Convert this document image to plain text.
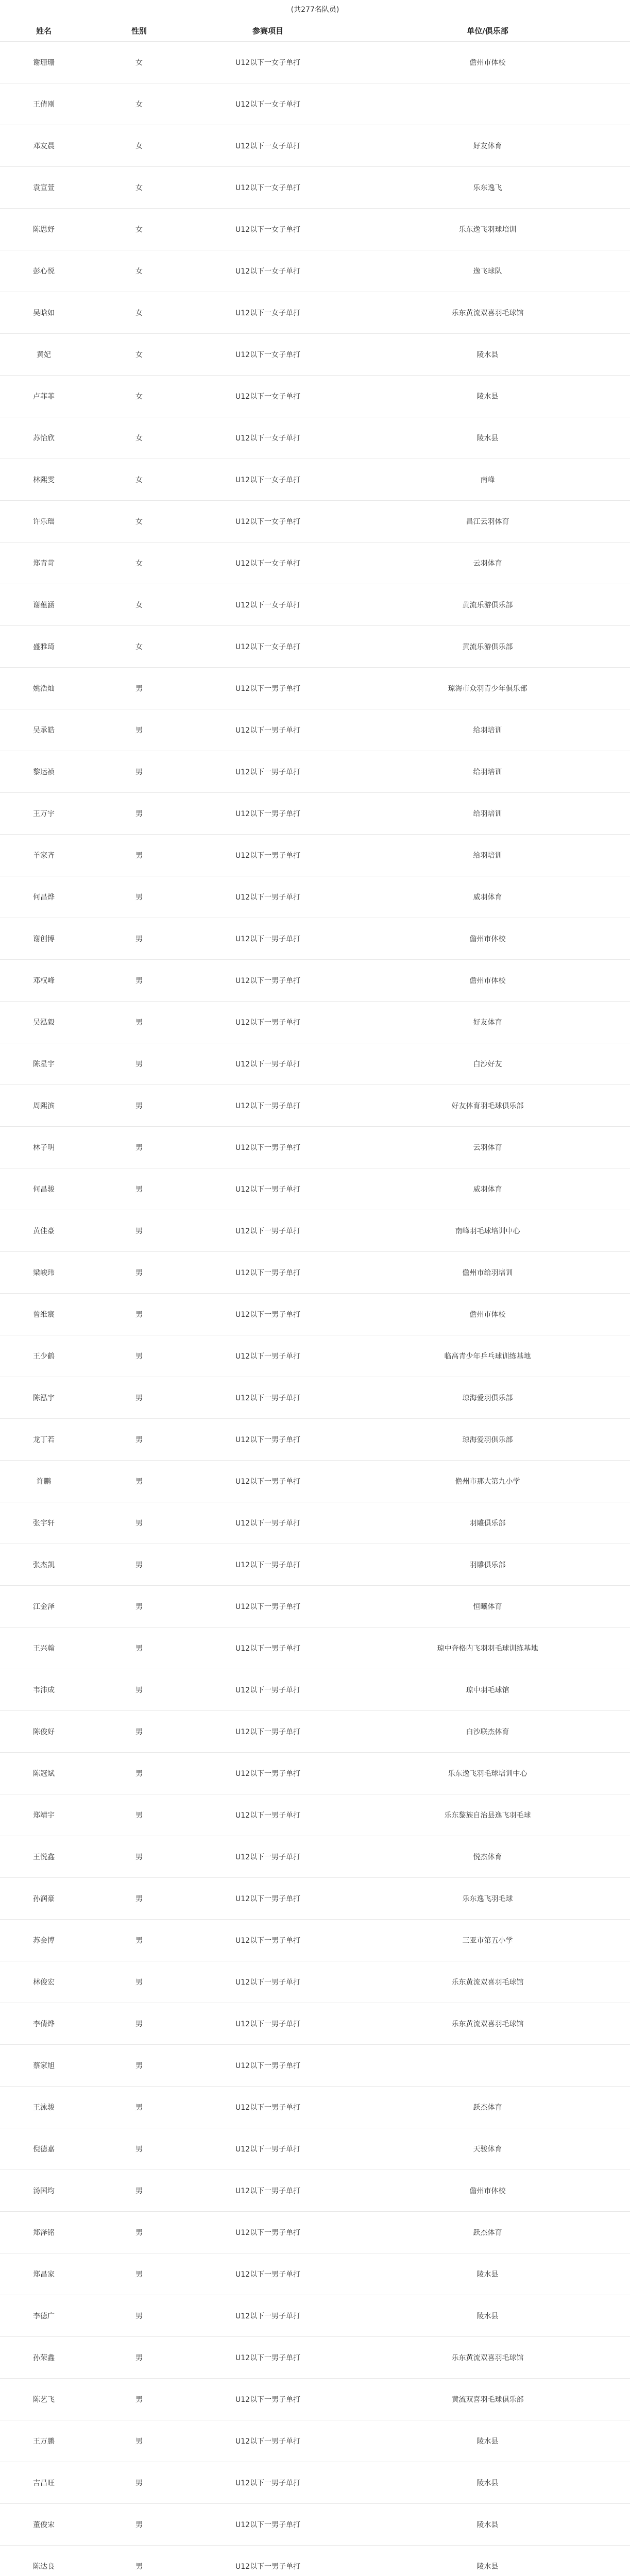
(共277名队员)
姓名	性别	参赛项目	单位/俱乐部
谢珊珊	女	U12以下一女子单打	儋州市体校
王倩刚	女	U12以下一女子单打	
邓友晨	女	U12以下一女子单打	好友体育
袁宣萱	女	U12以下一女子单打	乐东逸飞
陈思妤	女	U12以下一女子单打	乐东逸飞羽球培训
彭心悦	女	U12以下一女子单打	逸飞球队
吴晗如	女	U12以下一女子单打	乐东黄流双喜羽毛球馆
黄妃	女	U12以下一女子单打	陵水县
卢菲菲	女	U12以下一女子单打	陵水县
苏怡欣	女	U12以下一女子单打	陵水县
林熙雯	女	U12以下一女子单打	南峰
许乐瑶	女	U12以下一女子单打	昌江云羽体育
郑青苛	女	U12以下一女子单打	云羽体育
谢蕴涵	女	U12以下一女子单打	黄流乐游俱乐部
盛雅琦	女	U12以下一女子单打	黄流乐游俱乐部
姚浩灿	男	U12以下一男子单打	琼海市众羽青少年俱乐部
吴承皓	男	U12以下一男子单打	给羽培训
黎运祯	男	U12以下一男子单打	给羽培训
王万宇	男	U12以下一男子单打	给羽培训
羊家齐	男	U12以下一男子单打	给羽培训
何昌烨	男	U12以下一男子单打	威羽体育
谢创博	男	U12以下一男子单打	儋州市体校
邓权峰	男	U12以下一男子单打	儋州市体校
吴泓毅	男	U12以下一男子单打	好友体育
陈星宇	男	U12以下一男子单打	白沙好友
周熙滨	男	U12以下一男子单打	好友体育羽毛球俱乐部
林子明	男	U12以下一男子单打	云羽体育
何昌骏	男	U12以下一男子单打	威羽体育
黄佳豪	男	U12以下一男子单打	南峰羽毛球培训中心
梁峻玮	男	U12以下一男子单打	儋州市给羽培训
曾维宸	男	U12以下一男子单打	儋州市体校
王少鹤	男	U12以下一男子单打	临高青少年乒乓球训练基地
陈泓宇	男	U12以下一男子单打	琼海爱羽俱乐部
龙丁若	男	U12以下一男子单打	琼海爱羽俱乐部
许鹏	男	U12以下一男子单打	儋州市那大第九小学
张宇轩	男	U12以下一男子单打	羽雕俱乐部
张杰凯	男	U12以下一男子单打	羽雕俱乐部
江金泽	男	U12以下一男子单打	恒曦体育
王兴翰	男	U12以下一男子单打	琼中奔格内飞羽羽毛球训练基地
韦沛成	男	U12以下一男子单打	琼中羽毛球馆
陈俊好	男	U12以下一男子单打	白沙联杰体育
陈冠斌	男	U12以下一男子单打	乐东逸飞羽毛球培训中心
郑靖宇	男	U12以下一男子单打	乐东黎族自治县逸飞羽毛球
王悦鑫	男	U12以下一男子单打	悦杰体育
孙润豪	男	U12以下一男子单打	乐东逸飞羽毛球
苏会博	男	U12以下一男子单打	三亚市第五小学
林俊宏	男	U12以下一男子单打	乐东黄流双喜羽毛球馆
李倩烨	男	U12以下一男子单打	乐东黄流双喜羽毛球馆
蔡家旭	男	U12以下一男子单打	
王泳骏	男	U12以下一男子单打	跃杰体育
倪德嘉	男	U12以下一男子单打	天骏体育
汤国均	男	U12以下一男子单打	儋州市体校
郑泽铭	男	U12以下一男子单打	跃杰体育
郑昌家	男	U12以下一男子单打	陵水县
李德广	男	U12以下一男子单打	陵水县
孙荣鑫	男	U12以下一男子单打	乐东黄流双喜羽毛球馆
陈艺飞	男	U12以下一男子单打	黄流双喜羽毛球俱乐部
王万鹏	男	U12以下一男子单打	陵水县
吉昌旺	男	U12以下一男子单打	陵水县
董俊宋	男	U12以下一男子单打	陵水县
陈达良	男	U12以下一男子单打	陵水县
